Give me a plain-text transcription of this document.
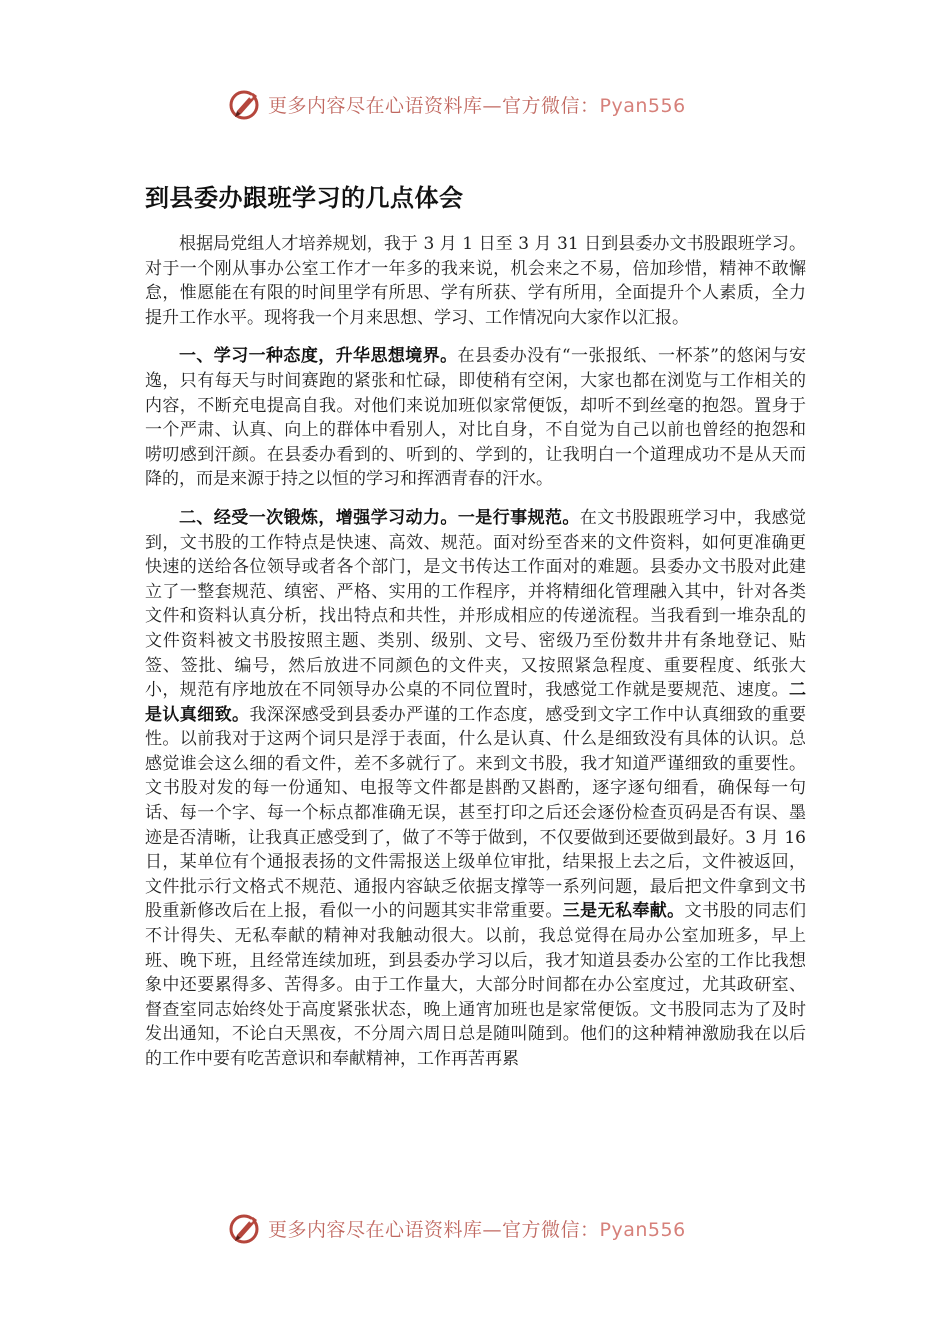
更多内容尽在心语资料库—官方微信：Pyan556
到县委办跟班学习的几点体会

根据局党组人才培养规划，我于 3 月 1 日至 3 月 31 日到县委办文书股跟班学习。对于一个刚从事办公室工作才一年多的我来说，机会来之不易，倍加珍惜，精神不敢懈怠，惟愿能在有限的时间里学有所思、学有所获、学有所用，全面提升个人素质，全力提升工作水平。现将我一个月来思想、学习、工作情况向大家作以汇报。

一、学习一种态度，升华思想境界。在县委办没有“一张报纸、一杯茶”的悠闲与安逸，只有每天与时间赛跑的紧张和忙碌，即使稍有空闲，大家也都在浏览与工作相关的内容，不断充电提高自我。对他们来说加班似家常便饭，却听不到丝毫的抱怨。置身于一个严肃、认真、向上的群体中看别人，对比自身，不自觉为自己以前也曾经的抱怨和唠叨感到汗颜。在县委办看到的、听到的、学到的，让我明白一个道理成功不是从天而降的，而是来源于持之以恒的学习和挥洒青春的汗水。

二、经受一次锻炼，增强学习动力。一是行事规范。在文书股跟班学习中，我感觉到，文书股的工作特点是快速、高效、规范。面对纷至沓来的文件资料，如何更准确更快速的送给各位领导或者各个部门，是文书传达工作面对的难题。县委办文书股对此建立了一整套规范、缜密、严格、实用的工作程序，并将精细化管理融入其中，针对各类文件和资料认真分析，找出特点和共性，并形成相应的传递流程。当我看到一堆杂乱的文件资料被文书股按照主题、类别、级别、文号、密级乃至份数井井有条地登记、贴签、签批、编号，然后放进不同颜色的文件夹，又按照紧急程度、重要程度、纸张大小，规范有序地放在不同领导办公桌的不同位置时，我感觉工作就是要规范、速度。二是认真细致。我深深感受到县委办严谨的工作态度，感受到文字工作中认真细致的重要性。以前我对于这两个词只是浮于表面，什么是认真、什么是细致没有具体的认识。总感觉谁会这么细的看文件，差不多就行了。来到文书股，我才知道严谨细致的重要性。文书股对发的每一份通知、电报等文件都是斟酌又斟酌，逐字逐句细看，确保每一句话、每一个字、每一个标点都准确无误，甚至打印之后还会逐份检查页码是否有误、墨迹是否清晰，让我真正感受到了，做了不等于做到，不仅要做到还要做到最好。3 月 16 日，某单位有个通报表扬的文件需报送上级单位审批，结果报上去之后，文件被返回，文件批示行文格式不规范、通报内容缺乏依据支撑等一系列问题，最后把文件拿到文书股重新修改后在上报，看似一小的问题其实非常重要。三是无私奉献。文书股的同志们不计得失、无私奉献的精神对我触动很大。以前，我总觉得在局办公室加班多，早上班、晚下班，且经常连续加班，到县委办学习以后，我才知道县委办公室的工作比我想象中还要累得多、苦得多。由于工作量大，大部分时间都在办公室度过，尤其政研室、督查室同志始终处于高度紧张状态，晚上通宵加班也是家常便饭。文书股同志为了及时发出通知，不论白天黑夜，不分周六周日总是随叫随到。他们的这种精神激励我在以后的工作中要有吃苦意识和奉献精神，工作再苦再累

更多内容尽在心语资料库—官方微信：Pyan556
